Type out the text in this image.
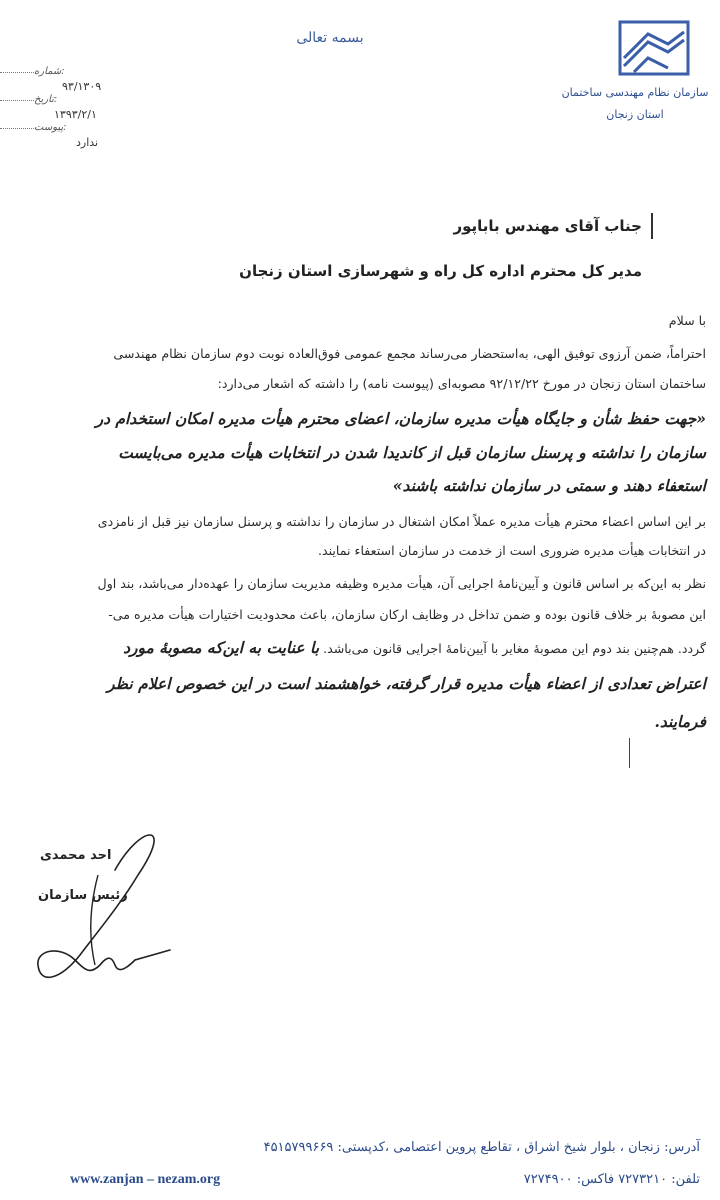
بسمه تعالی
سازمان نظام مهندسی ساختمان
استان زنجان
شماره:
۹۳/۱۳۰۹
تاریخ:
۱۳۹۳/۲/۱
پیوست:
ندارد
جناب آقای مهندس باباپور
مدیر کل محترم اداره کل راه و شهرسازی استان زنجان
با سلام
احتراماً، ضمن آرزوی توفیق الهی، به‌استحضار می‌رساند مجمع عمومی فوق‌العاده نوبت دوم سازمان نظام مهندسی
ساختمان استان زنجان در مورخ ۹۲/۱۲/۲۲ مصوبه‌ای (پیوست نامه) را داشته که اشعار می‌دارد:
«جهت حفظ شأن و جایگاه هیأت مدیره سازمان، اعضای محترم هیأت مدیره امکان استخدام در
سازمان را نداشته و پرسنل سازمان قبل از کاندیدا شدن در انتخابات هیأت مدیره می‌بایست
استعفاء دهند و سمتی در سازمان نداشته باشند»
بر این اساس اعضاء محترم هیأت مدیره عملاً امکان اشتغال در سازمان را نداشته و پرسنل سازمان نیز قبل از نامزدی
در انتخابات هیأت مدیره ضروری است از خدمت در سازمان استعفاء نمایند.
نظر به این‌که بر اساس قانون و آیین‌نامهٔ اجرایی آن، هیأت مدیره وظیفه مدیریت سازمان را عهده‌دار می‌باشد، بند اول
این مصوبهٔ بر خلاف قانون بوده و ضمن تداخل در وظایف ارکان سازمان، باعث محدودیت اختیارات هیأت مدیره می-
گردد. هم‌چنین بند دوم این مصوبهٔ مغایر با آیین‌نامهٔ اجرایی قانون می‌باشد. با عنایت به این‌که مصوبهٔ مورد
اعتراض تعدادی از اعضاء هیأت مدیره قرار گرفته، خواهشمند است در این خصوص اعلام نظر
فرمایند.
احد محمدی
رئیس سازمان
آدرس: زنجان ، بلوار شیخ اشراق ، تقاطع پروین اعتصامی ،کدپستی: ۴۵۱۵۷۹۹۶۶۹
www.zanjan – nezam.org	تلفن: ۷۲۷۳۲۱۰ فاکس: ۷۲۷۴۹۰۰
